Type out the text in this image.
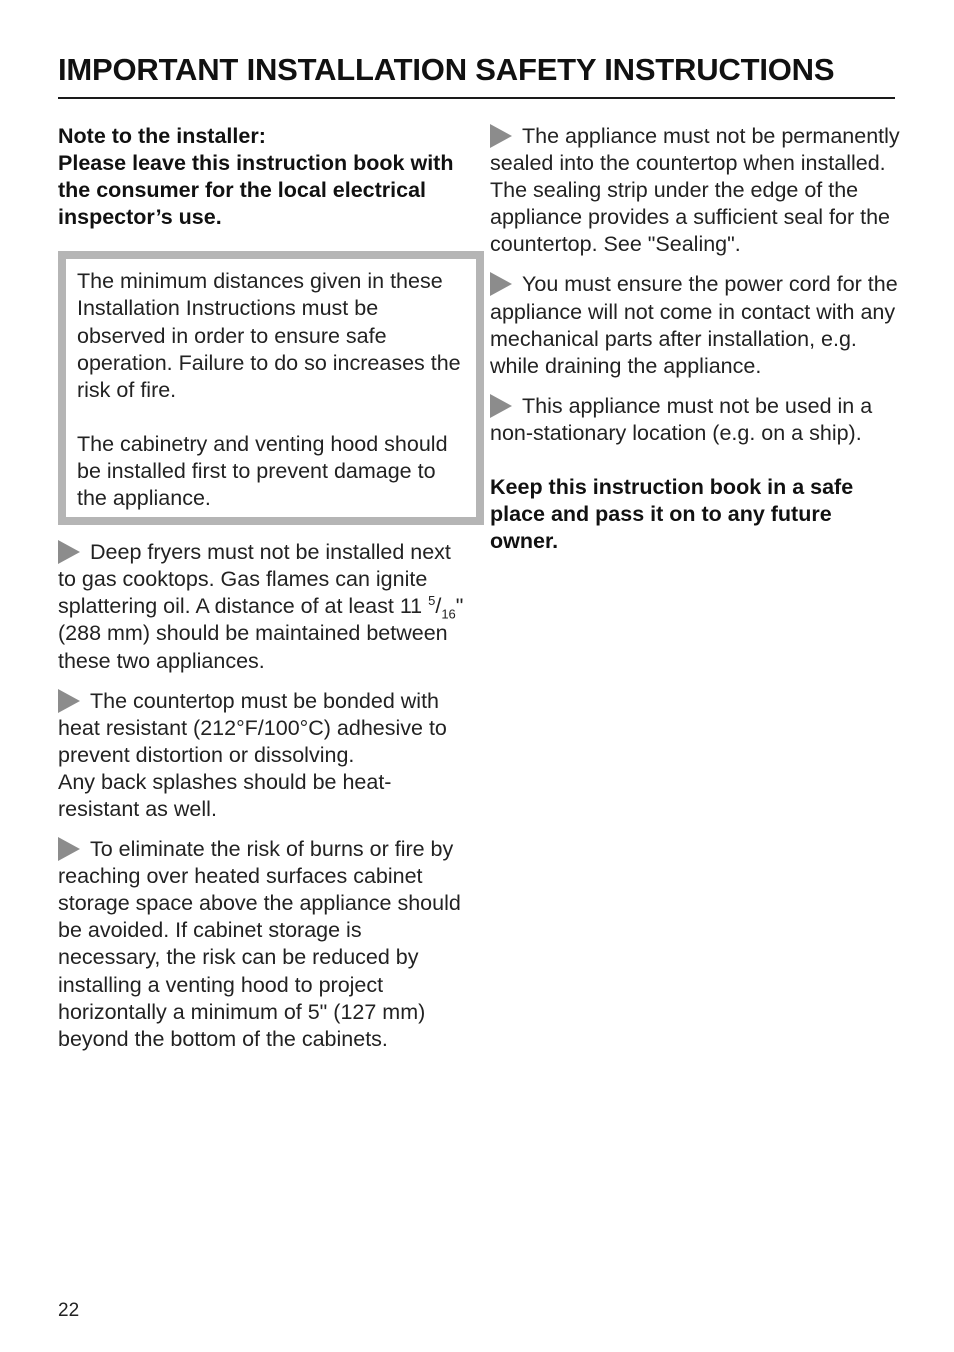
IMPORTANT INSTALLATION SAFETY INSTRUCTIONS

Note to the installer:

Please leave this instruction book with the consumer for the local electrical inspector’s use.

The minimum distances given in these Installation Instructions must be observed in order to ensure safe operation. Failure to do so increases the risk of fire.

The cabinetry and venting hood should be installed first to prevent damage to the appliance.

Deep fryers must not be installed next to gas cooktops. Gas flames can ignite splattering oil. A distance of at least 11 $^5/_{16}$" (288 mm) should be maintained between these two appliances.

The countertop must be bonded with heat resistant (212°F/100°C) adhesive to prevent distortion or dissolving.
Any back splashes should be heat-resistant as well.

To eliminate the risk of burns or fire by reaching over heated surfaces cabinet storage space above the appliance should be avoided. If cabinet storage is necessary, the risk can be reduced by installing a venting hood to project horizontally a minimum of 5" (127 mm) beyond the bottom of the cabinets.

The appliance must not be permanently sealed into the countertop when installed. The sealing strip under the edge of the appliance provides a sufficient seal for the countertop. See "Sealing".

You must ensure the power cord for the appliance will not come in contact with any mechanical parts after installation, e.g. while draining the appliance.

This appliance must not be used in a non-stationary location (e.g. on a ship).

Keep this instruction book in a safe place and pass it on to any future owner.

22
